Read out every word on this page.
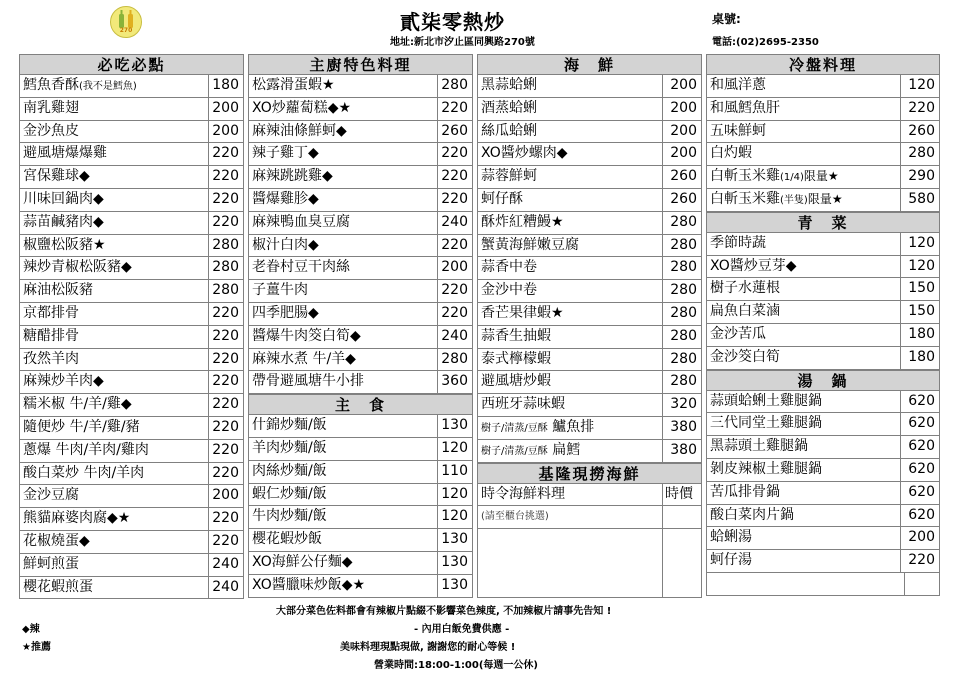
270	貳柒零熱炒
地址:新北市汐止區同興路270號
桌號:
電話:(02)2695-2350
必吃必點
鱈魚香酥(我不是鱈魚)	180
南乳雞翅	200
金沙魚皮	200
避風塘爆爆雞	220
宮保雞球◆	220
川味回鍋肉◆	220
蒜苗鹹豬肉◆	220
椒鹽松阪豬★	280
辣炒青椒松阪豬◆	280
麻油松阪豬	280
京都排骨	220
糖醋排骨	220
孜然羊肉	220
麻辣炒羊肉◆	220
糯米椒 牛/羊/雞◆	220
隨便炒 牛/羊/雞/豬	220
蔥爆 牛肉/羊肉/雞肉	220
酸白菜炒 牛肉/羊肉	220
金沙豆腐	200
熊貓麻婆肉腐◆★	220
花椒燒蛋◆	220
鮮蚵煎蛋	240
櫻花蝦煎蛋	240
主廚特色料理
松露滑蛋蝦★	280
XO炒蘿蔔糕◆★	220
麻辣油條鮮蚵◆	260
辣子雞丁◆	220
麻辣跳跳雞◆	220
醬爆雞胗◆	220
麻辣鴨血臭豆腐	240
椒汁白肉◆	220
老眷村豆干肉絲	200
子薑牛肉	220
四季肥腸◆	220
醬爆牛肉筊白筍◆	240
麻辣水煮 牛/羊◆	280
帶骨避風塘牛小排	360
主　食
什錦炒麵/飯	130
羊肉炒麵/飯	120
肉絲炒麵/飯	110
蝦仁炒麵/飯	120
牛肉炒麵/飯	120
櫻花蝦炒飯	130
XO海鮮公仔麵◆	130
XO醬臘味炒飯◆★	130
海　鮮
黑蒜蛤蜊	200
酒蒸蛤蜊	200
絲瓜蛤蜊	200
XO醬炒螺肉◆	200
蒜蓉鮮蚵	260
蚵仔酥	260
酥炸紅糟鰻★	280
蟹黃海鮮嫩豆腐	280
蒜香中卷	280
金沙中卷	280
香芒果律蝦★	280
蒜香生抽蝦	280
泰式檸檬蝦	280
避風塘炒蝦	280
西班牙蒜味蝦	320
樹子/清蒸/豆酥 鱸魚排	380
樹子/清蒸/豆酥 扁鱈	380
基隆現撈海鮮
時令海鮮料理	時價
(請至櫃台挑選)
冷盤料理
和風洋蔥	120
和風鱈魚肝	220
五味鮮蚵	260
白灼蝦	280
白斬玉米雞(1/4)限量★	290
白斬玉米雞(半隻)限量★	580
青　菜
季節時蔬	120
XO醬炒豆芽◆	120
樹子水蓮根	150
扁魚白菜滷	150
金沙苦瓜	180
金沙筊白筍	180
湯　鍋
蒜頭蛤蜊土雞腿鍋	620
三代同堂土雞腿鍋	620
黑蒜頭土雞腿鍋	620
剝皮辣椒土雞腿鍋	620
苦瓜排骨鍋	620
酸白菜肉片鍋	620
蛤蜊湯	200
蚵仔湯	220
大部分菜色佐料都會有辣椒片點綴不影響菜色辣度, 不加辣椒片請事先告知 !
◆辣	- 內用白飯免費供應 -
★推薦	美味料理現點現做, 謝謝您的耐心等候 !
營業時間:18:00-1:00(每週一公休)
